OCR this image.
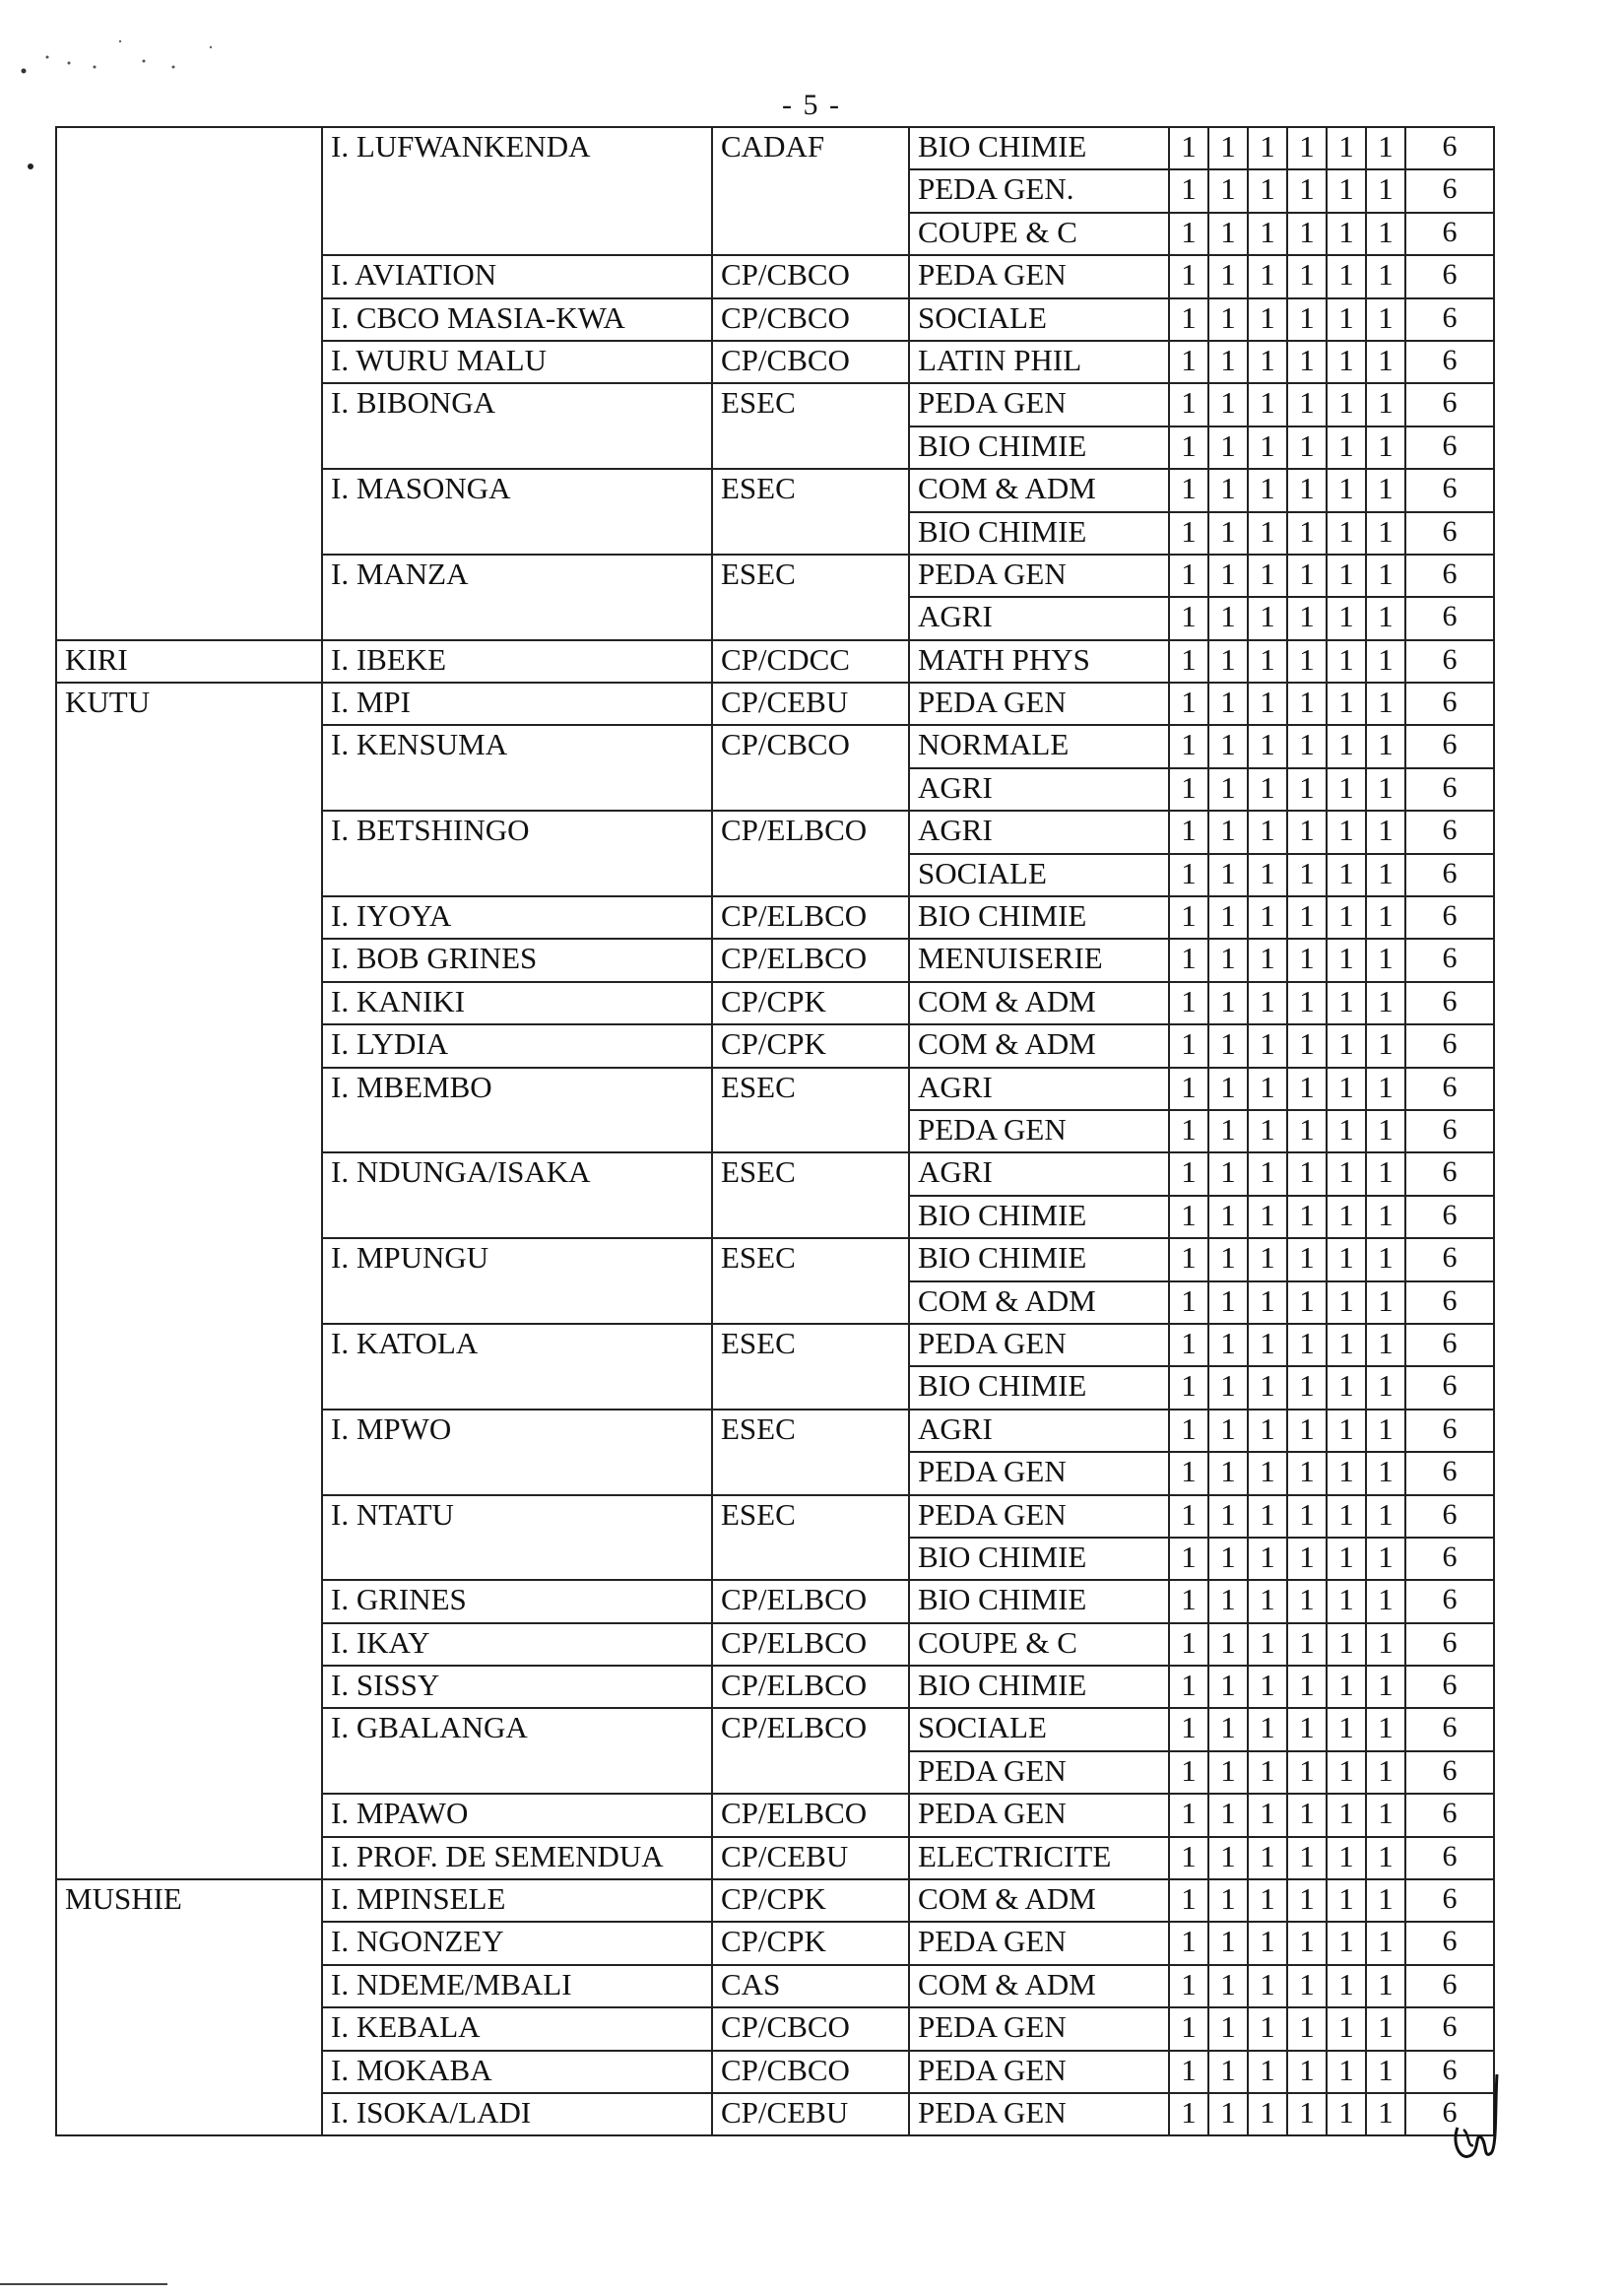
- 5 -
	I. LUFWANKENDA	CADAF	BIO CHIMIE	1	1	1	1	1	1	6
			PEDA GEN.	1	1	1	1	1	1	6
			COUPE & C	1	1	1	1	1	1	6
	I. AVIATION	CP/CBCO	PEDA GEN	1	1	1	1	1	1	6
	I. CBCO MASIA-KWA	CP/CBCO	SOCIALE	1	1	1	1	1	1	6
	I. WURU MALU	CP/CBCO	LATIN PHIL	1	1	1	1	1	1	6
	I. BIBONGA	ESEC	PEDA GEN	1	1	1	1	1	1	6
			BIO CHIMIE	1	1	1	1	1	1	6
	I. MASONGA	ESEC	COM & ADM	1	1	1	1	1	1	6
			BIO CHIMIE	1	1	1	1	1	1	6
	I. MANZA	ESEC	PEDA GEN	1	1	1	1	1	1	6
			AGRI	1	1	1	1	1	1	6
KIRI	I. IBEKE	CP/CDCC	MATH PHYS	1	1	1	1	1	1	6
KUTU	I. MPI	CP/CEBU	PEDA GEN	1	1	1	1	1	1	6
	I. KENSUMA	CP/CBCO	NORMALE	1	1	1	1	1	1	6
			AGRI	1	1	1	1	1	1	6
	I. BETSHINGO	CP/ELBCO	AGRI	1	1	1	1	1	1	6
			SOCIALE	1	1	1	1	1	1	6
	I. IYOYA	CP/ELBCO	BIO CHIMIE	1	1	1	1	1	1	6
	I. BOB GRINES	CP/ELBCO	MENUISERIE	1	1	1	1	1	1	6
	I. KANIKI	CP/CPK	COM & ADM	1	1	1	1	1	1	6
	I. LYDIA	CP/CPK	COM & ADM	1	1	1	1	1	1	6
	I. MBEMBO	ESEC	AGRI	1	1	1	1	1	1	6
			PEDA GEN	1	1	1	1	1	1	6
	I. NDUNGA/ISAKA	ESEC	AGRI	1	1	1	1	1	1	6
			BIO CHIMIE	1	1	1	1	1	1	6
	I. MPUNGU	ESEC	BIO CHIMIE	1	1	1	1	1	1	6
			COM & ADM	1	1	1	1	1	1	6
	I. KATOLA	ESEC	PEDA GEN	1	1	1	1	1	1	6
			BIO CHIMIE	1	1	1	1	1	1	6
	I. MPWO	ESEC	AGRI	1	1	1	1	1	1	6
			PEDA GEN	1	1	1	1	1	1	6
	I. NTATU	ESEC	PEDA GEN	1	1	1	1	1	1	6
			BIO CHIMIE	1	1	1	1	1	1	6
	I. GRINES	CP/ELBCO	BIO CHIMIE	1	1	1	1	1	1	6
	I. IKAY	CP/ELBCO	COUPE & C	1	1	1	1	1	1	6
	I. SISSY	CP/ELBCO	BIO CHIMIE	1	1	1	1	1	1	6
	I. GBALANGA	CP/ELBCO	SOCIALE	1	1	1	1	1	1	6
			PEDA GEN	1	1	1	1	1	1	6
	I. MPAWO	CP/ELBCO	PEDA GEN	1	1	1	1	1	1	6
	I. PROF. DE SEMENDUA	CP/CEBU	ELECTRICITE	1	1	1	1	1	1	6
MUSHIE	I. MPINSELE	CP/CPK	COM & ADM	1	1	1	1	1	1	6
	I. NGONZEY	CP/CPK	PEDA GEN	1	1	1	1	1	1	6
	I. NDEME/MBALI	CAS	COM & ADM	1	1	1	1	1	1	6
	I. KEBALA	CP/CBCO	PEDA GEN	1	1	1	1	1	1	6
	I. MOKABA	CP/CBCO	PEDA GEN	1	1	1	1	1	1	6
	I. ISOKA/LADI	CP/CEBU	PEDA GEN	1	1	1	1	1	1	6
